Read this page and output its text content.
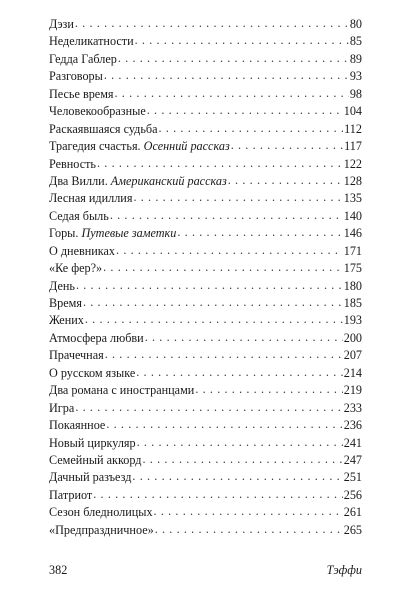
Дэзи . . .	80
Неделикатности . . .	85
Гедда Габлер . . .	89
Разговоры . . .	93
Песье время . . .	98
Человекообразные . . .	104
Раскаявшаяся судьба . . .	112
Трагедия счастья. Осенний рассказ . . .	117
Ревность . . .	122
Два Вилли. Американский рассказ . . .	128
Лесная идиллия . . .	135
Седая быль . . .	140
Горы. Путевые заметки . . .	146
О дневниках . . .	171
«Ке фер?» . . .	175
День . . .	180
Время . . .	185
Жених . . .	193
Атмосфера любви . . .	200
Прачечная . . .	207
О русском языке . . .	214
Два романа с иностранцами . . .	219
Игра . . .	233
Покаянное . . .	236
Новый циркуляр . . .	241
Семейный аккорд . . .	247
Дачный разъезд . . .	251
Патриот . . .	256
Сезон бледнолицых . . .	261
«Предпраздничное» . . .	265
382	Тэффи
